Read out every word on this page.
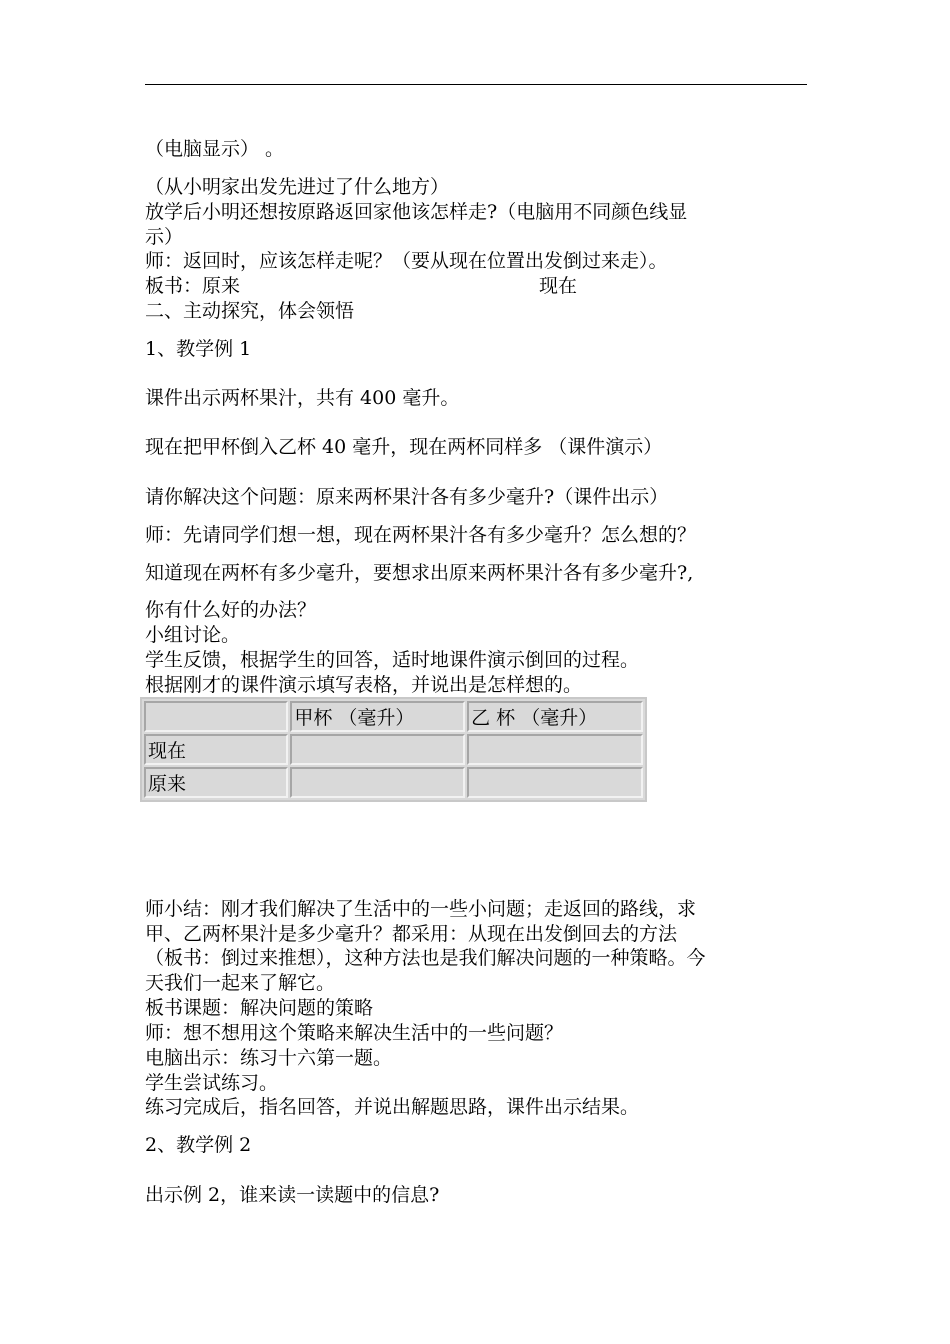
（电脑显示） 。
（从小明家出发先进过了什么地方）
放学后小明还想按原路返回家他该怎样走?（电脑用不同颜色线显
示）
师：返回时，应该怎样走呢？（要从现在位置出发倒过来走）。
板书：原来	现在
二、主动探究，体会领悟
1、教学例 1
课件出示两杯果汁，共有 400 毫升。
现在把甲杯倒入乙杯 40 毫升，现在两杯同样多 （课件演示）
请你解决这个问题：原来两杯果汁各有多少毫升?（课件出示）
师：先请同学们想一想，现在两杯果汁各有多少毫升？怎么想的？
知道现在两杯有多少毫升，要想求出原来两杯果汁各有多少毫升?,
你有什么好的办法？
小组讨论。
学生反馈，根据学生的回答，适时地课件演示倒回的过程。
根据刚才的课件演示填写表格，并说出是怎样想的。
	甲杯 （毫升）	乙 杯 （毫升）
现在		
原来		
师小结：刚才我们解决了生活中的一些小问题；走返回的路线，求
甲、乙两杯果汁是多少毫升？都采用：从现在出发倒回去的方法
（板书：倒过来推想），这种方法也是我们解决问题的一种策略。今
天我们一起来了解它。
板书课题：解决问题的策略
师：想不想用这个策略来解决生活中的一些问题？
电脑出示：练习十六第一题。
学生尝试练习。
练习完成后，指名回答，并说出解题思路，课件出示结果。
2、教学例 2
出示例 2，谁来读一读题中的信息?
